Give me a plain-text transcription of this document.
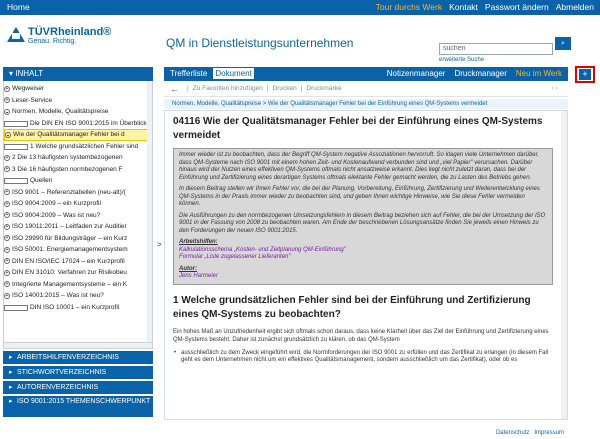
Home	Tour durchs Werk Kontakt Passwort ändern Abmelden
TÜVRheinland®
Genau. Richtig.	QM in Dienstleistungsunternehmen
suchen	⌕
erweiterte Suche
▾ INHALT
+ Wegweiser
+ Leser-Service
Normen, Modelle, Qualitätspreise
Die DIN EN ISO 9001:2015 im Überblick
Wie der Qualitätsmanager Fehler bei d
1 Welche grundsätzlichen Fehler sind
+ 2 Die 13 häufigsten systembezogenen
+ 3 Die 16 häufigsten normbezogenen F
Quellen
+ ISO 9001 – Referenztabellen (neu-alt)/(
+ ISO 9004:2009 – ein Kurzprofil
+ ISO 9004:2009 – Was ist neu?
+ ISO 19011:2011 – Leitfaden zur Auditier
+ ISO 29990 für Bildungsträger – ein Kurz
+ ISO 50001: Energiemanagementsystem
+ DIN EN ISO/IEC 17024 – ein Kurzprofil
+ DIN EN 31010: Verfahren zur Risikobeu
+ Integrierte Managementsysteme – ein K
+ ISO 14001:2015 – Was ist neu?
DIN ISO 10001 – ein Kurzprofil
▸ ARBEITSHILFENVERZEICHNIS
▸ STICHWORTVERZEICHNIS
▸ AUTORENVERZEICHNIS
▸ ISO 9001:2015 THEMENSCHWERPUNKT
>
Trefferliste Dokument	Notizenmanager Druckmanager Neu im Werk
← | Zu Favoriten hinzufügen | Drucken | Druckmarke	‹ ›
Normen, Modelle, Qualitätspreise > Wie der Qualitätsmanager Fehler bei der Einführung eines QM-Systems vermeidet
04116 Wie der Qualitätsmanager Fehler bei der Einführung eines QM-Systems vermeidet

Immer wieder ist zu beobachten, dass der Begriff QM-System negative Assoziationen hervorruft. So klagen viele Unternehmen darüber, dass QM-Systeme nach ISO 9001 mit einem hohen Zeit- und Kostenaufwand verbunden sind und „viel Papier" verursachen. Darüber hinaus wird der Nutzen eines effektiven QM-Systems oftmals nicht ansatzweise erkannt. Dies liegt nicht zuletzt daran, dass bei der Einführung und Zertifizierung eines derartigen Systems oftmals elektante Fehler gemacht werden, die zu Lasten des Betriebs gehen.

In diesem Beitrag stellen wir Ihnen Fehler vor, die bei der Planung, Vorbereitung, Einführung, Zertifizierung und Weiterentwicklung eines QM-Systems in der Praxis immer wieder zu beobachten sind, und geben Ihnen wichtige Hinweise, wie Sie diese Fehler vermeiden können.

Die Ausführungen zu den normbezogenen Umsetzungsfehlern in diesem Beitrag beziehen sich auf Fehler, die bei der Umsetzung der ISO 9001 in der Fassung von 2008 zu beobachten waren. Am Ende der beschriebenen Lösungsansätze finden Sie jeweils einen Hinweis zu den Forderungen der neuen ISO 9001:2015.

Arbeitshilfen:
Kalkulationsschema „Kosten- und Zeitplanung QM-Einführung"
Formular „Liste zugelassener Lieferanten"
Autor:
Jens Harmeier
1 Welche grundsätzlichen Fehler sind bei der Einführung und Zertifizierung eines QM-Systems zu beobachten?
Ein hohes Maß an Unzufriedenheit ergibt sich oftmals schon daraus, dass keine Klarheit über das Ziel der Einführung und Zertifizierung eines QM-Systems besteht. Daher ist zunächst grundsätzlich zu klären, ob das QM-System
• ausschließlich zu dem Zweck eingeführt wird, die Normforderungen der ISO 9001 zu erfüllen und das Zertifikat zu erlangen (in diesem Fall geht es dem Unternehmen nicht um ein effektives Qualitätsmanagement, sondern ausschließlich um das Zertifikat), oder ob es
+
Datenschutz Impressum
